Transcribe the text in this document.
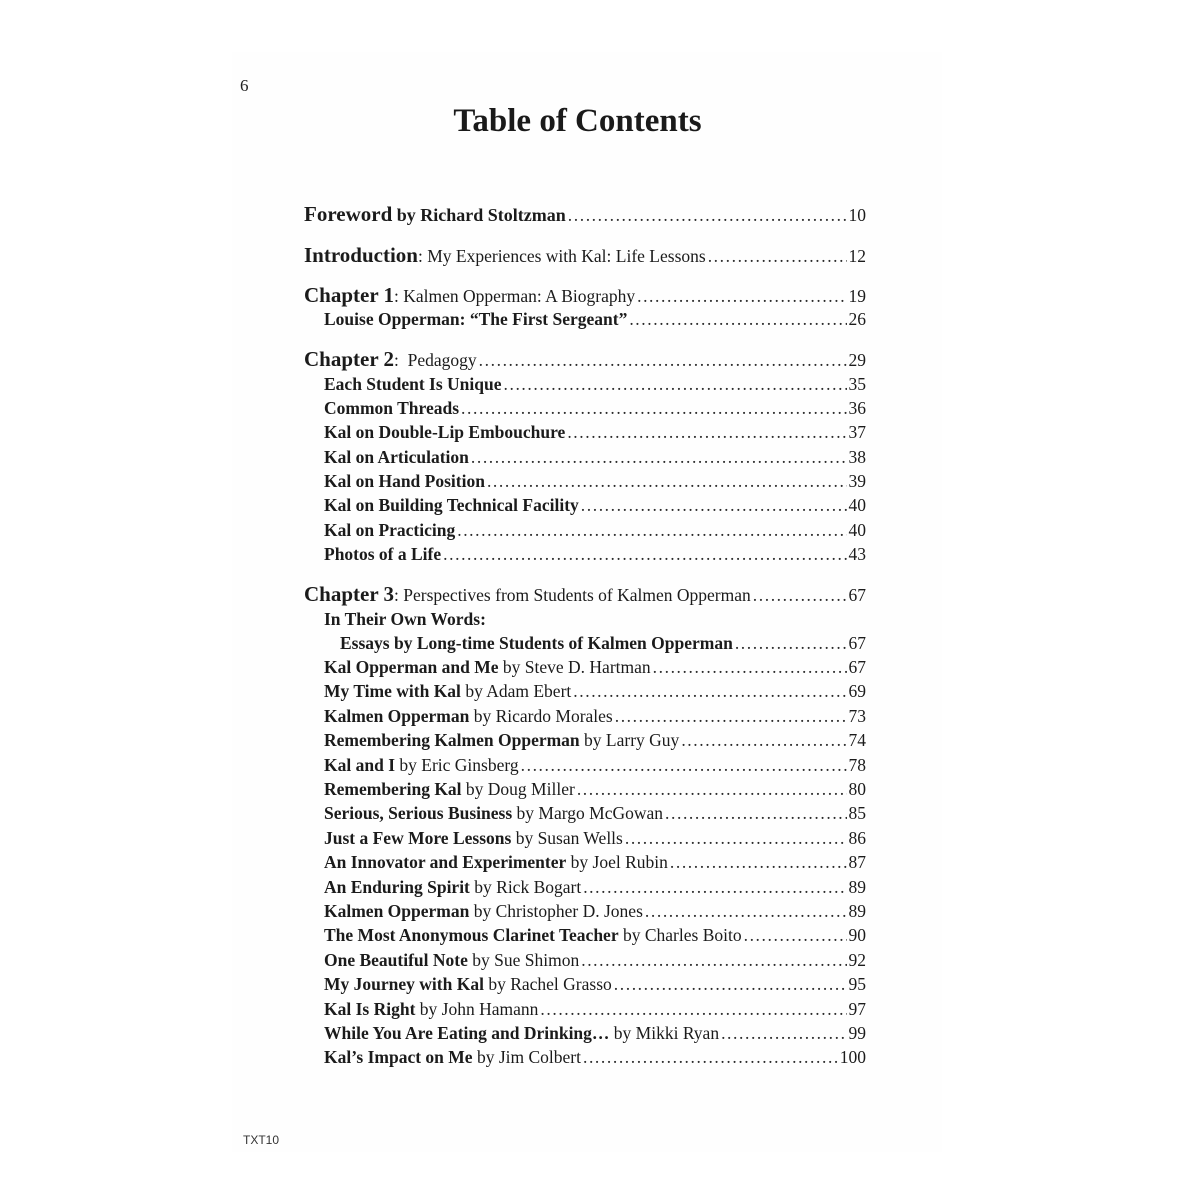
6
Table of Contents
Foreword by Richard Stoltzman .....	10
Introduction: My Experiences with Kal: Life Lessons .....	12
Chapter 1: Kalmen Opperman: A Biography .....	19
Louise Opperman: “The First Sergeant” .....	26
Chapter 2:  Pedagogy .....	29
Each Student Is Unique .....	35
Common Threads .....	36
Kal on Double-Lip Embouchure .....	37
Kal on Articulation .....	38
Kal on Hand Position .....	39
Kal on Building Technical Facility .....	40
Kal on Practicing .....	40
Photos of a Life .....	43
Chapter 3: Perspectives from Students of Kalmen Opperman .....	67
In Their Own Words:
Essays by Long-time Students of Kalmen Opperman .....	67
Kal Opperman and Me by Steve D. Hartman .....	67
My Time with Kal by Adam Ebert .....	69
Kalmen Opperman by Ricardo Morales .....	73
Remembering Kalmen Opperman by Larry Guy .....	74
Kal and I by Eric Ginsberg .....	78
Remembering Kal by Doug Miller .....	80
Serious, Serious Business by Margo McGowan .....	85
Just a Few More Lessons by Susan Wells .....	86
An Innovator and Experimenter by Joel Rubin .....	87
An Enduring Spirit by Rick Bogart .....	89
Kalmen Opperman by Christopher D. Jones .....	89
The Most Anonymous Clarinet Teacher by Charles Boito .....	90
One Beautiful Note by Sue Shimon .....	92
My Journey with Kal by Rachel Grasso .....	95
Kal Is Right by John Hamann .....	97
While You Are Eating and Drinking… by Mikki Ryan .....	99
Kal’s Impact on Me by Jim Colbert .....	100
TXT10
